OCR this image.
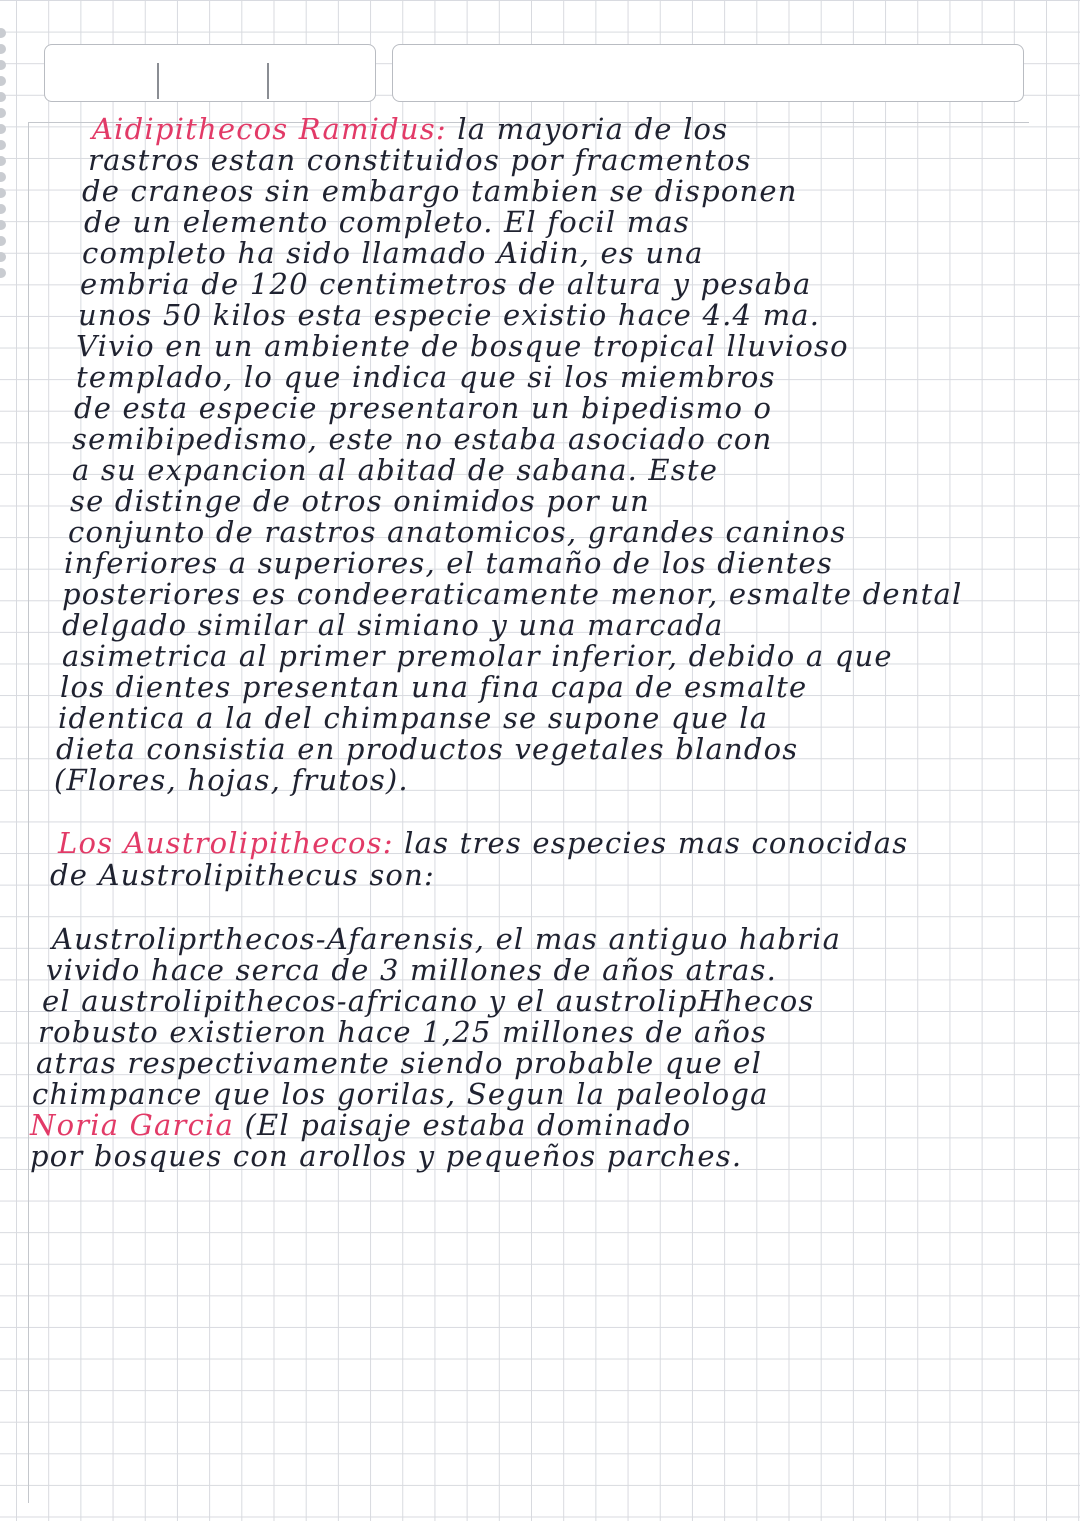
Aidipithecos Ramidus: la mayoria de los
rastros estan constituidos por fracmentos
de craneos sin embargo tambien se disponen
de un elemento completo. El focil mas
completo ha sido llamado Aidin, es una
embria de 120 centimetros de altura y pesaba
unos 50 kilos esta especie existio hace 4.4 ma.
Vivio en un ambiente de bosque tropical lluvioso
templado, lo que indica que si los miembros
de esta especie presentaron un bipedismo o
semibipedismo, este no estaba asociado con
a su expancion al abitad de sabana. Este
se distinge de otros onimidos por un
conjunto de rastros anatomicos, grandes caninos
inferiores a superiores, el tamaño de los dientes
posteriores es condeeraticamente menor, esmalte dental
delgado similar al simiano y una marcada
asimetrica al primer premolar inferior, debido a que
los dientes presentan una fina capa de esmalte
identica a la del chimpanse se supone que la
dieta consistia en productos vegetales blandos
(Flores, hojas, frutos).
Los Austrolipithecos: las tres especies mas conocidas
de Austrolipithecus son:
Austroliprthecos-Afarensis, el mas antiguo habria
vivido hace serca de 3 millones de años atras.
el austrolipithecos-africano y el austrolipHhecos
robusto existieron hace 1,25 millones de años
atras respectivamente siendo probable que el
chimpance que los gorilas, Segun la paleologa
Noria Garcia (El paisaje estaba dominado
por bosques con arollos y pequeños parches.
